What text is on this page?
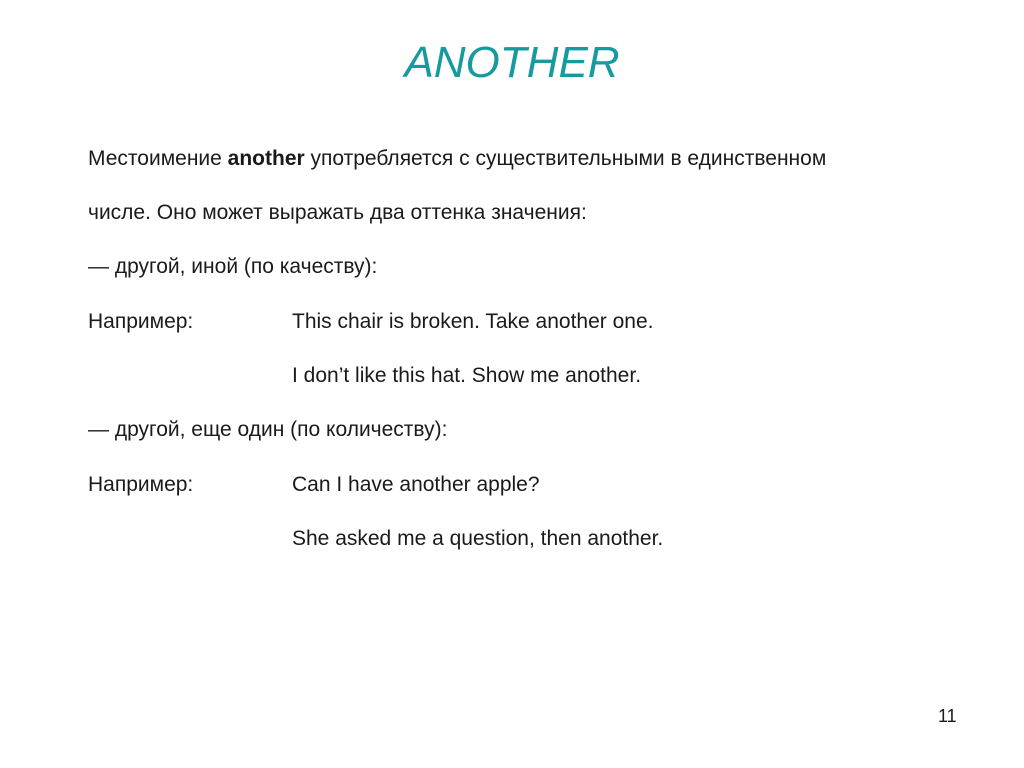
ANOTHER
Местоимение another употребляется с существительными в единственном
числе. Оно может выражать два оттенка значения:
— другой, иной (по качеству):
Например:	This chair is broken. Take another one.
I don’t like this hat. Show me another.
— другой, еще один (по количеству):
Например:	Can I have another apple?
She asked me a question, then another.
11
